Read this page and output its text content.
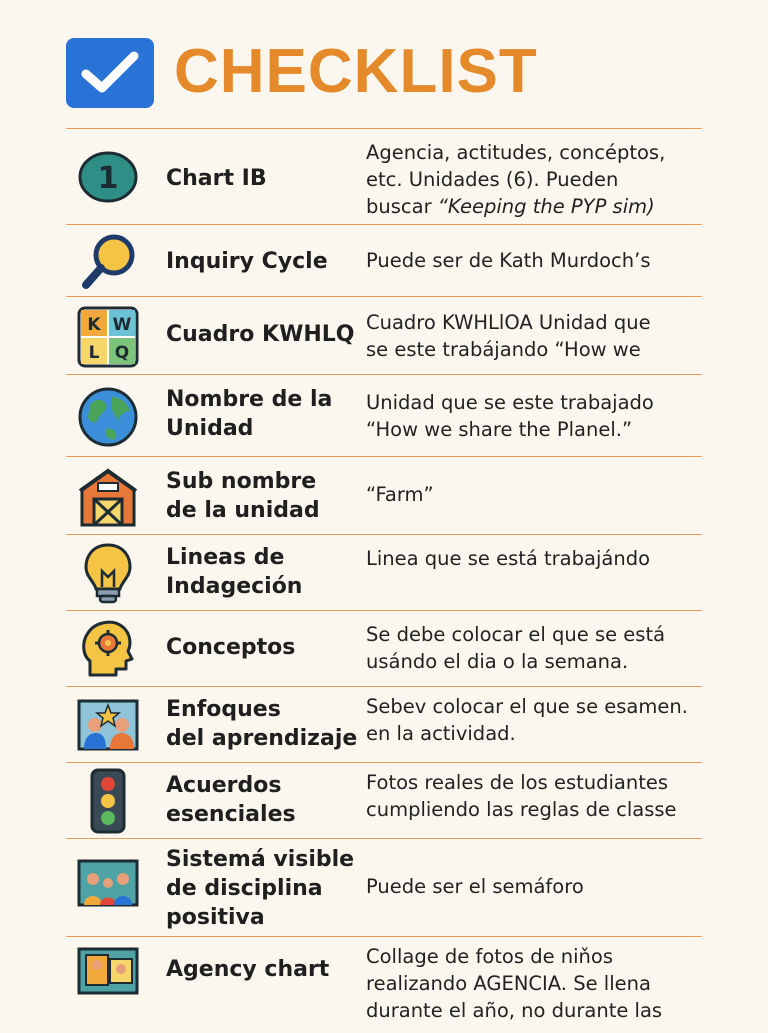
CHECKLIST
1 Chart IB
Agencia, actitudes, concéptos,
etc. Unidades (6). Pueden
buscar “Keeping the PYP sim)
Inquiry Cycle	Puede ser de Kath Murdoch’s
K W
L Q
Cuadro KWHLQ Cuadro KWHLlOA Unidad que
se este trabájando “How we
Nombre de la
Unidad
Unidad que se este trabajado
“How we share the Planel.”
Sub nombre
de la unidad
“Farm”
Lineas de
Indageción
Linea que se está trabajándo
Conceptos
Se debe colocar el que se está
usándo el dia o la semana.
Enfoques
del aprendizaje
Sebev colocar el que se esamen.
en la actividad.
Acuerdos
esenciales
Fotos reales de los estudiantes
cumpliendo las reglas de classe
Sistemá visible
de disciplina
positiva
Puede ser el semáforo
Agency chart
Collage de fotos de niňos
realizando AGENCIA. Se llena
durante el año, no durante las
